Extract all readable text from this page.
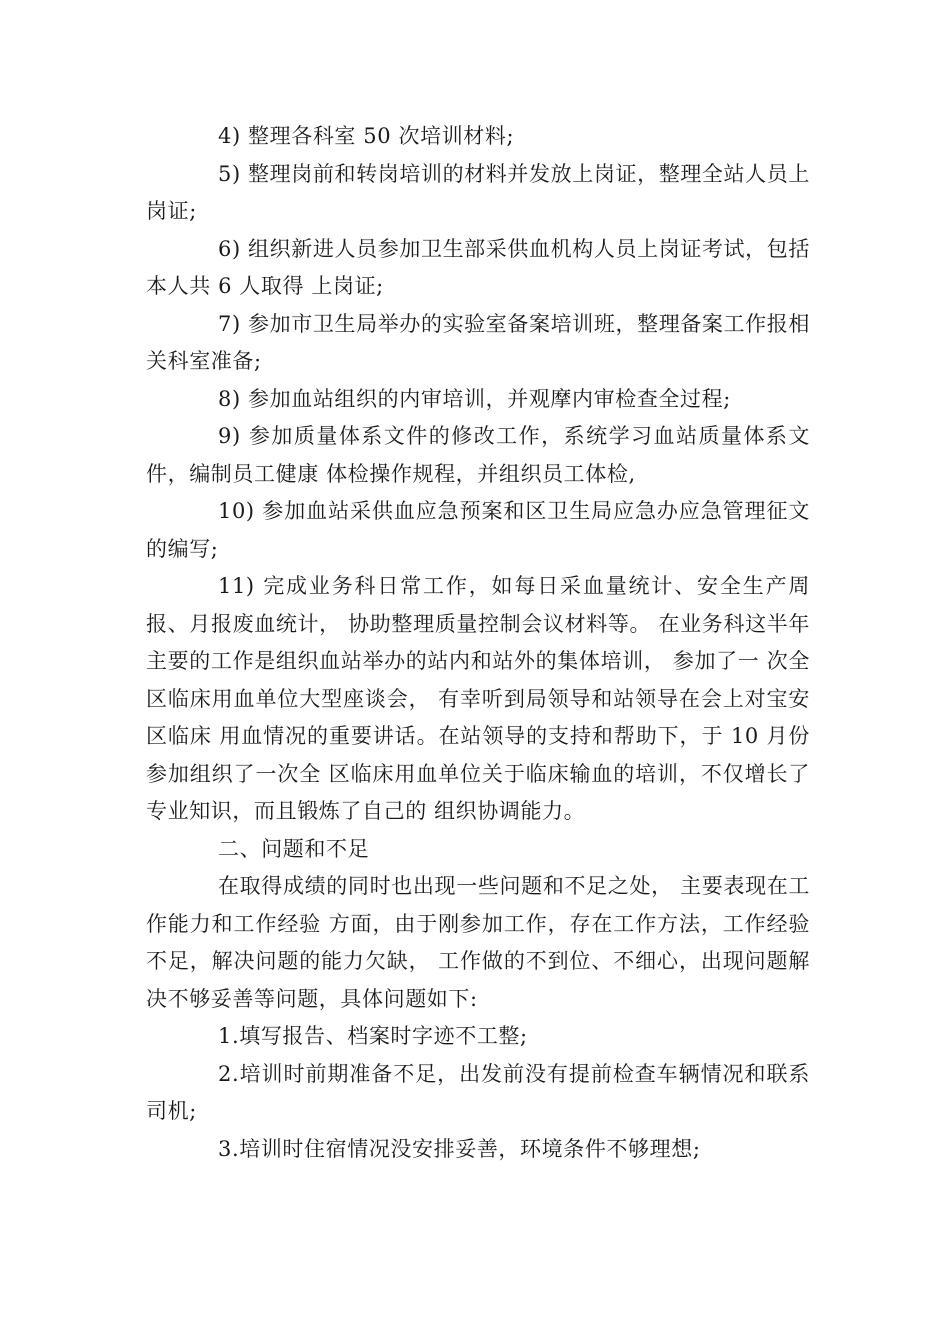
4) 整理各科室 50 次培训材料;

5) 整理岗前和转岗培训的材料并发放上岗证，整理全站人员上岗证;

6) 组织新进人员参加卫生部采供血机构人员上岗证考试，包括本人共 6 人取得 上岗证;

7) 参加市卫生局举办的实验室备案培训班，整理备案工作报相关科室准备;

8) 参加血站组织的内审培训，并观摩内审检查全过程;

9) 参加质量体系文件的修改工作，系统学习血站质量体系文件，编制员工健康 体检操作规程，并组织员工体检,

10) 参加血站采供血应急预案和区卫生局应急办应急管理征文的编写;

11) 完成业务科日常工作，如每日采血量统计、安全生产周报、月报废血统计， 协助整理质量控制会议材料等。 在业务科这半年主要的工作是组织血站举办的站内和站外的集体培训， 参加了一 次全区临床用血单位大型座谈会， 有幸听到局领导和站领导在会上对宝安区临床 用血情况的重要讲话。在站领导的支持和帮助下，于 10 月份参加组织了一次全 区临床用血单位关于临床输血的培训，不仅增长了专业知识，而且锻炼了自己的 组织协调能力。

二、问题和不足

在取得成绩的同时也出现一些问题和不足之处， 主要表现在工作能力和工作经验 方面，由于刚参加工作，存在工作方法，工作经验不足，解决问题的能力欠缺， 工作做的不到位、不细心，出现问题解决不够妥善等问题，具体问题如下:

1.填写报告、档案时字迹不工整;

2.培训时前期准备不足，出发前没有提前检查车辆情况和联系司机;

3.培训时住宿情况没安排妥善，环境条件不够理想;
